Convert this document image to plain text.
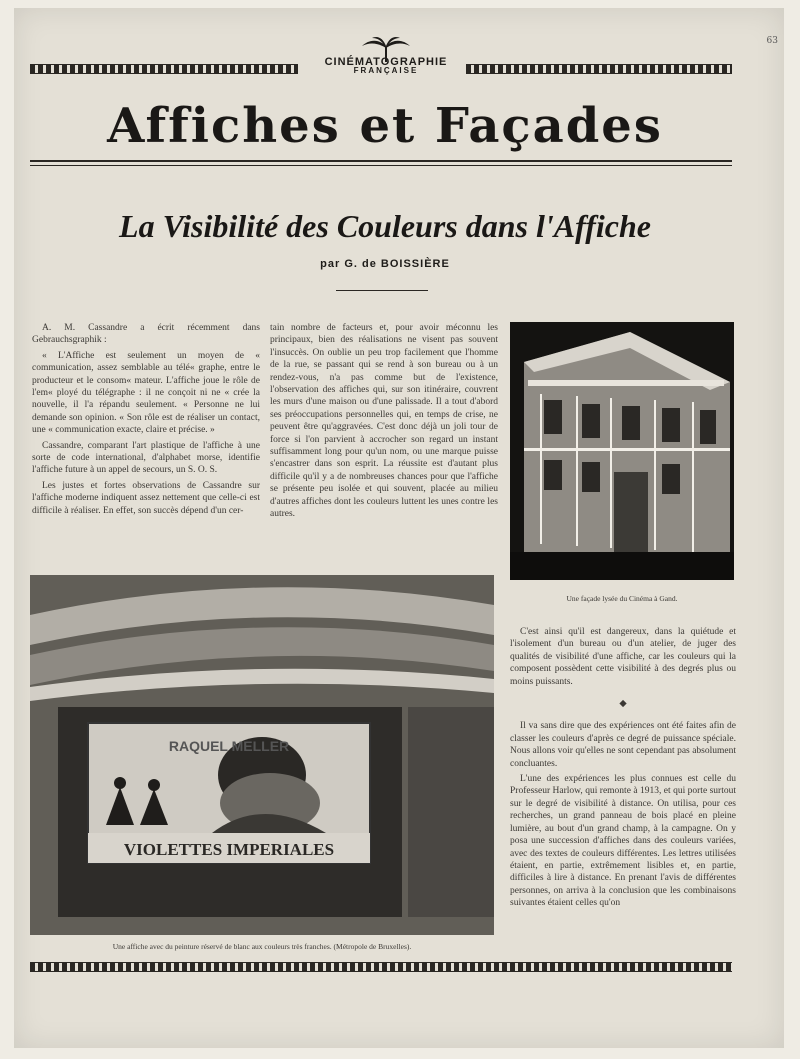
63
CINÉMATOGRAPHIE
FRANÇAISE
Affiches et Façades
La Visibilité des Couleurs dans l'Affiche
par G. de BOISSIÈRE

A. M. Cassandre a écrit récemment dans Gebrauchsgraphik :

« L'Affiche est seulement un moyen de « communication, assez semblable au télé« graphe, entre le producteur et le consom« mateur. L'affiche joue le rôle de l'em« ployé du télégraphe : il ne conçoit ni ne « crée la nouvelle, il l'a répandu seulement. « Personne ne lui demande son opinion. « Son rôle est de réaliser un contact, une « communication exacte, claire et précise. »

Cassandre, comparant l'art plastique de l'affiche à une sorte de code international, d'alphabet morse, identifie l'affiche future à un appel de secours, un S. O. S.

Les justes et fortes observations de Cassandre sur l'affiche moderne indiquent assez nettement que celle-ci est difficile à réaliser. En effet, son succès dépend d'un cer-

tain nombre de facteurs et, pour avoir méconnu les principaux, bien des réalisations ne visent pas souvent l'insuccès. On oublie un peu trop facilement que l'homme de la rue, se passant qui se rend à son bureau ou à un rendez-vous, n'a pas comme but de l'existence, l'observation des affiches qui, sur son itinéraire, couvrent les murs d'une maison ou d'une palissade. Il a tout d'abord ses préoccupations personnelles qui, en temps de crise, ne peuvent être qu'aggravées. C'est donc déjà un joli tour de force si l'on parvient à accrocher son regard un instant suffisamment long pour qu'un nom, ou une marque puisse s'encastrer dans son esprit. La réussite est d'autant plus difficile qu'il y a de nombreuses chances pour que l'affiche se présente peu isolée et qui souvent, placée au milieu d'autres affiches dont les couleurs luttent les unes contre les autres.

Une façade lysée du Cinéma à Gand.
RAQUEL MELLER
VIOLETTES IMPERIALES
Une affiche avec du peinture réservé de blanc aux couleurs très franches. (Métropole de Bruxelles).

C'est ainsi qu'il est dangereux, dans la quiétude et l'isolement d'un bureau ou d'un atelier, de juger des qualités de visibilité d'une affiche, car les couleurs qui la composent possèdent cette visibilité à des degrés plus ou moins puissants.

◆

Il va sans dire que des expériences ont été faites afin de classer les couleurs d'après ce degré de puissance spéciale. Nous allons voir qu'elles ne sont cependant pas absolument concluantes.

L'une des expériences les plus connues est celle du Professeur Harlow, qui remonte à 1913, et qui porte surtout sur le degré de visibilité à distance. On utilisa, pour ces recherches, un grand panneau de bois placé en pleine lumière, au bout d'un grand champ, à la campagne. On y posa une succession d'affiches dans des couleurs variées, avec des textes de couleurs différentes. Les lettres utilisées étaient, en partie, extrêmement lisibles et, en partie, difficiles à lire à distance. En prenant l'avis de différentes personnes, on arriva à la conclusion que les combinaisons suivantes étaient celles qu'on
